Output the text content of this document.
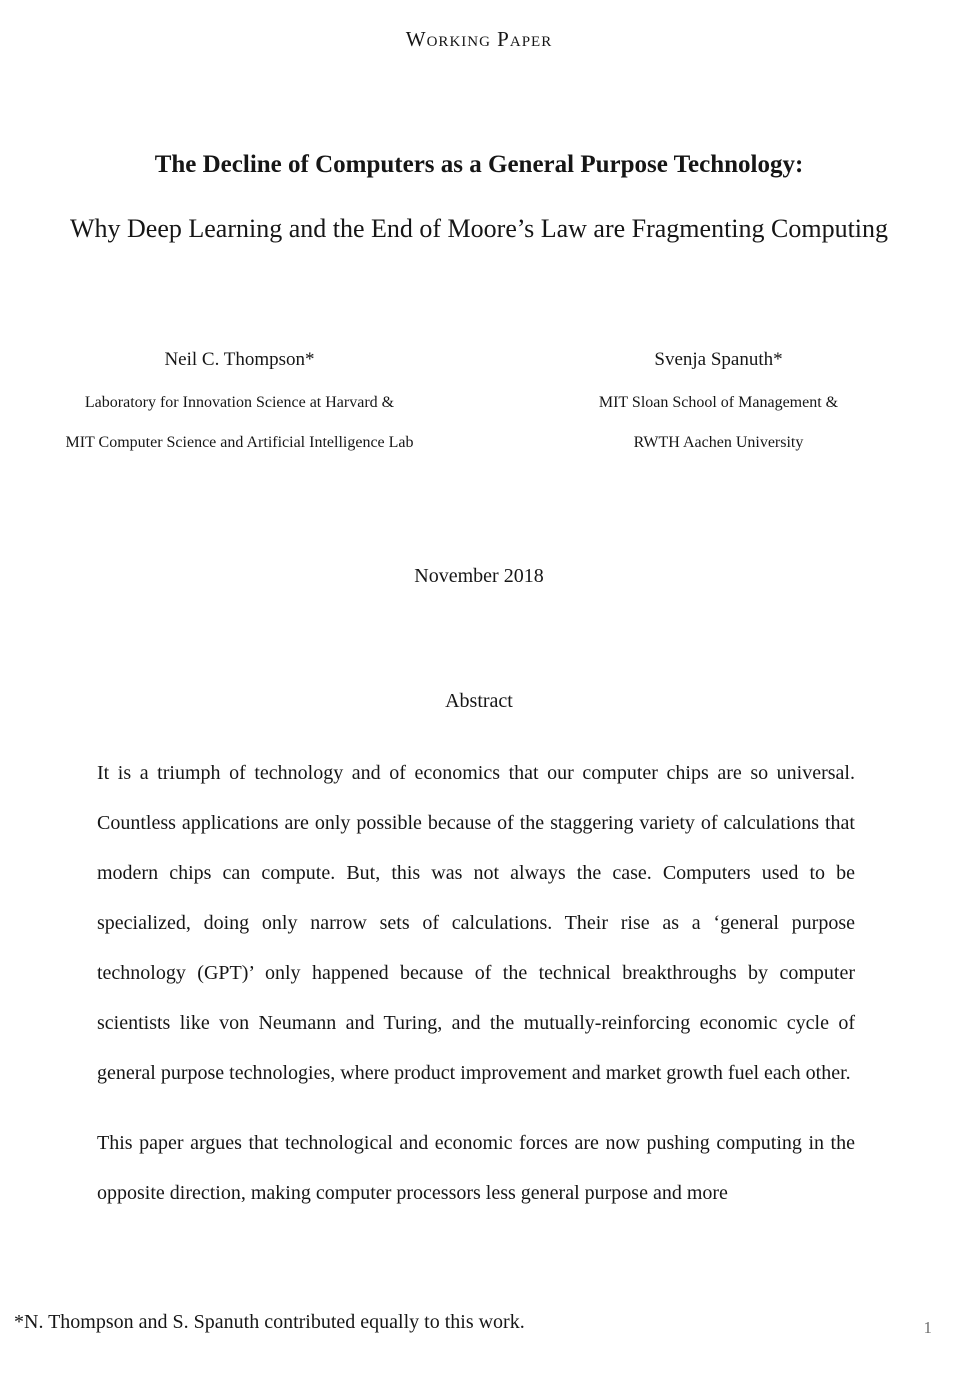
Working Paper
The Decline of Computers as a General Purpose Technology:
Why Deep Learning and the End of Moore’s Law are Fragmenting Computing
Neil C. Thompson*
Laboratory for Innovation Science at Harvard &
MIT Computer Science and Artificial Intelligence Lab
Svenja Spanuth*
MIT Sloan School of Management &
RWTH Aachen University
November 2018
Abstract

It is a triumph of technology and of economics that our computer chips are so universal. Countless applications are only possible because of the staggering variety of calculations that modern chips can compute. But, this was not always the case. Computers used to be specialized, doing only narrow sets of calculations. Their rise as a ‘general purpose technology (GPT)’ only happened because of the technical breakthroughs by computer scientists like von Neumann and Turing, and the mutually-reinforcing economic cycle of general purpose technologies, where product improvement and market growth fuel each other.

This paper argues that technological and economic forces are now pushing computing in the opposite direction, making computer processors less general purpose and more

*N. Thompson and S. Spanuth contributed equally to this work.	1
